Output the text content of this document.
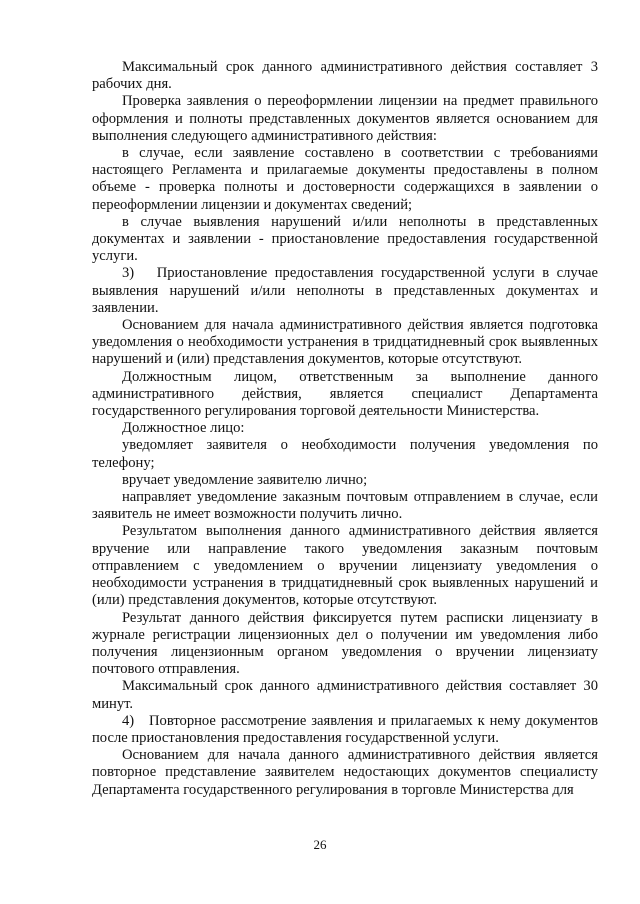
Максимальный срок данного административного действия составляет 3 рабочих дня.

Проверка заявления о переоформлении лицензии на предмет правильного оформления и полноты представленных документов является основанием для выполнения следующего административного действия:

в случае, если заявление составлено в соответствии с требованиями настоящего Регламента и прилагаемые документы предоставлены в полном объеме - проверка полноты и достоверности содержащихся в заявлении о переоформлении лицензии и документах сведений;

в случае выявления нарушений и/или неполноты в представленных документах и заявлении - приостановление предоставления государственной услуги.

3)   Приостановление предоставления государственной услуги в случае выявления нарушений и/или неполноты в представленных документах и заявлении.

Основанием для начала административного действия является подготовка уведомления о необходимости устранения в тридцатидневный срок выявленных нарушений и (или) представления документов, которые отсутствуют.

Должностным лицом, ответственным за выполнение данного административного действия, является специалист Департамента государственного регулирования торговой деятельности Министерства.

Должностное лицо:

уведомляет заявителя о необходимости получения уведомления по телефону;

вручает уведомление заявителю лично;

направляет уведомление заказным почтовым отправлением в случае, если заявитель не имеет возможности получить лично.

Результатом выполнения данного административного действия является вручение или направление такого уведомления заказным почтовым отправлением с уведомлением о вручении лицензиату уведомления о необходимости устранения в тридцатидневный срок выявленных нарушений и (или) представления документов, которые отсутствуют.

Результат данного действия фиксируется путем расписки лицензиату в журнале регистрации лицензионных дел о получении им уведомления либо получения лицензионным органом уведомления о вручении лицензиату почтового отправления.

Максимальный срок данного административного действия составляет 30 минут.

4)   Повторное рассмотрение заявления и прилагаемых к нему документов после приостановления предоставления государственной услуги.

Основанием для начала данного административного действия является повторное представление заявителем недостающих документов специалисту Департамента государственного регулирования в торговле Министерства для

26
